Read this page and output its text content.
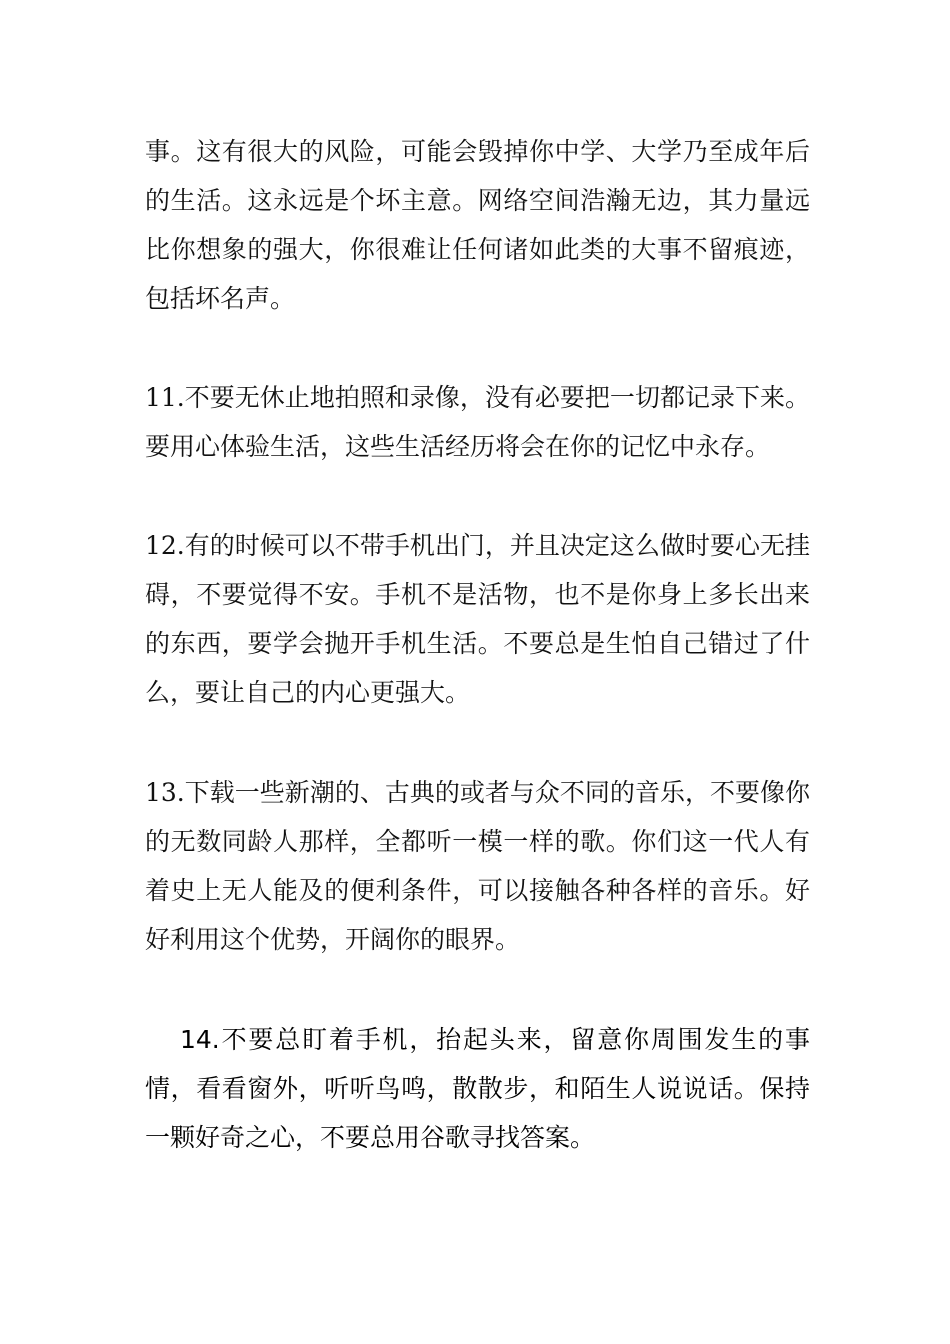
事。这有很大的风险，可能会毁掉你中学、大学乃至成年后的生活。这永远是个坏主意。网络空间浩瀚无边，其力量远比你想象的强大，你很难让任何诸如此类的大事不留痕迹，包括坏名声。

11.不要无休止地拍照和录像，没有必要把一切都记录下来。要用心体验生活，这些生活经历将会在你的记忆中永存。

12.有的时候可以不带手机出门，并且决定这么做时要心无挂碍，不要觉得不安。手机不是活物，也不是你身上多长出来的东西，要学会抛开手机生活。不要总是生怕自己错过了什么，要让自己的内心更强大。

13.下载一些新潮的、古典的或者与众不同的音乐，不要像你的无数同龄人那样，全都听一模一样的歌。你们这一代人有着史上无人能及的便利条件，可以接触各种各样的音乐。好好利用这个优势，开阔你的眼界。

14.不要总盯着手机，抬起头来，留意你周围发生的事情，看看窗外，听听鸟鸣，散散步，和陌生人说说话。保持一颗好奇之心，不要总用谷歌寻找答案。
